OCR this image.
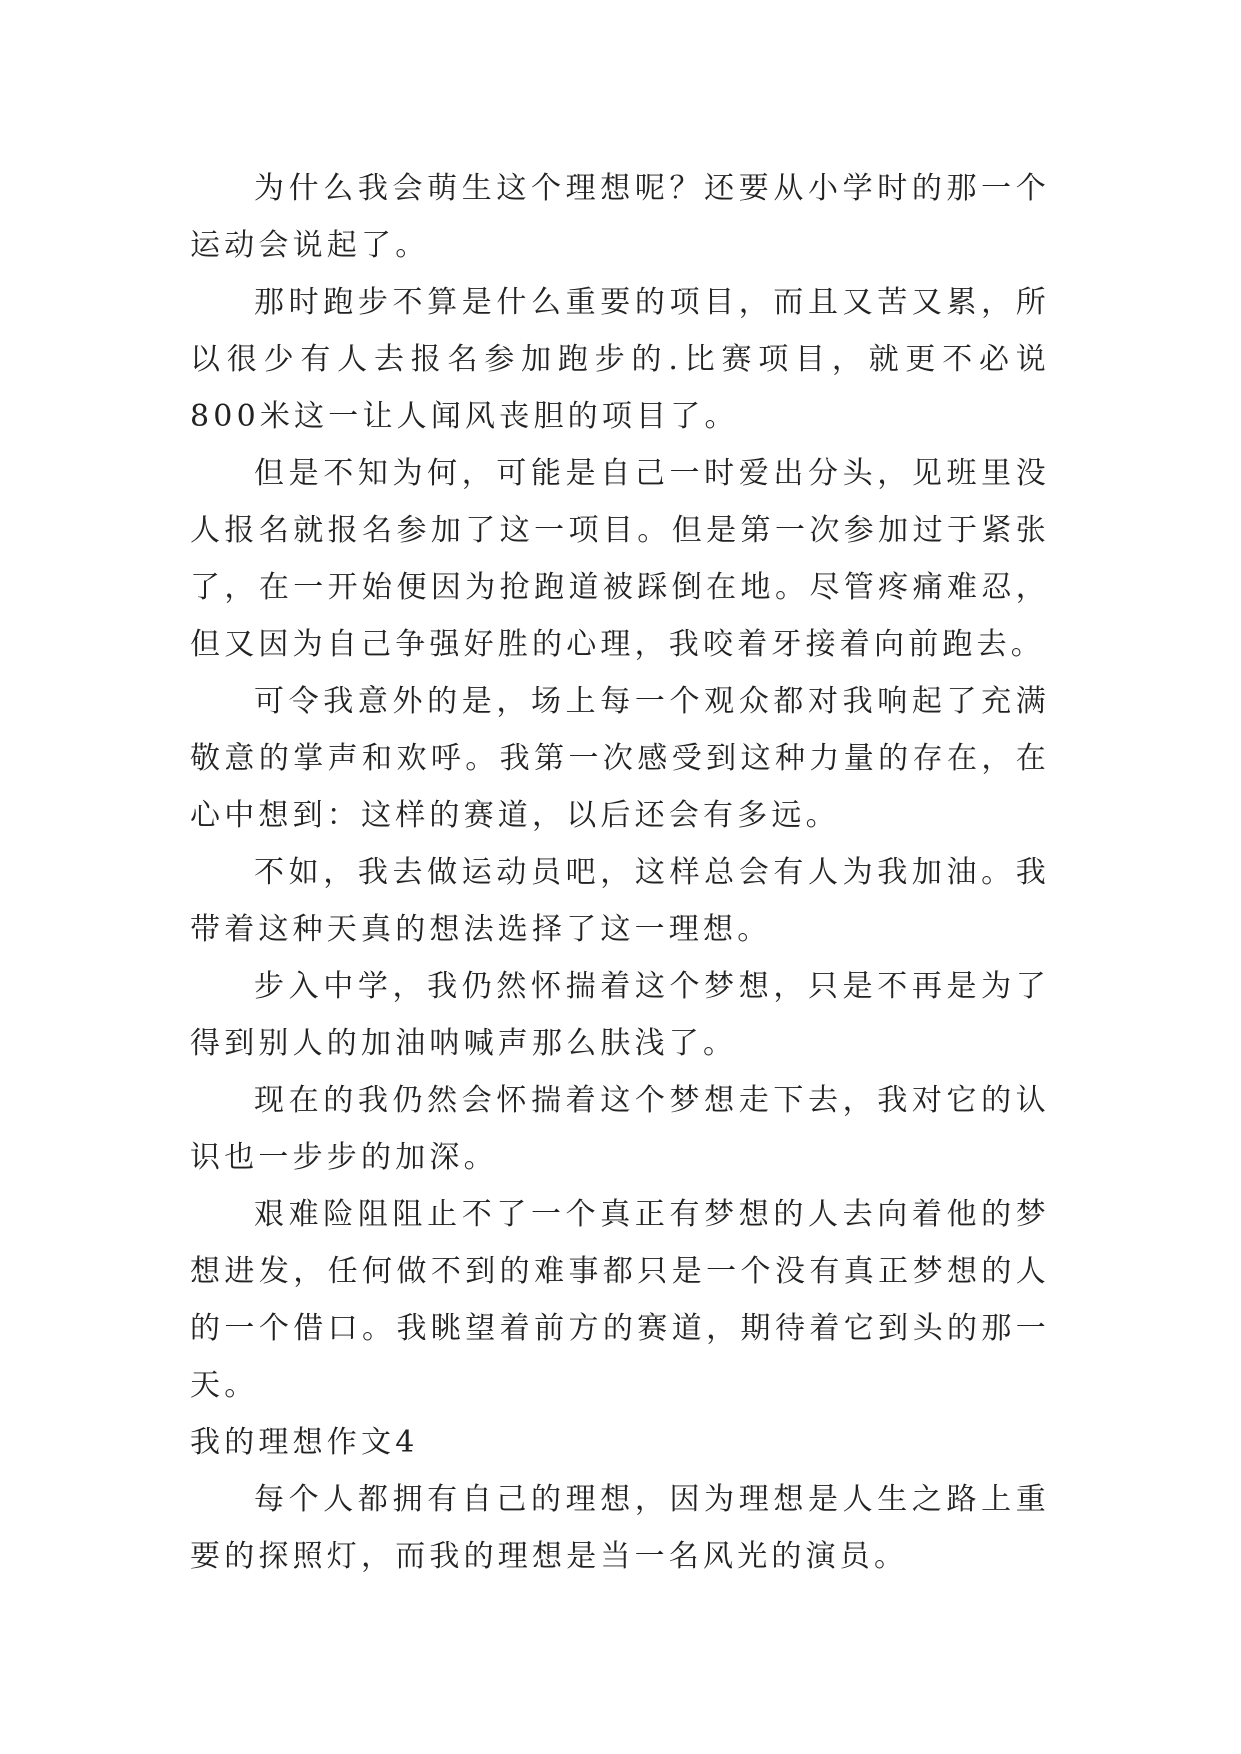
为什么我会萌生这个理想呢？还要从小学时的那一个运动会说起了。

那时跑步不算是什么重要的项目，而且又苦又累，所以很少有人去报名参加跑步的.比赛项目，就更不必说800米这一让人闻风丧胆的项目了。

但是不知为何，可能是自己一时爱出分头，见班里没人报名就报名参加了这一项目。但是第一次参加过于紧张了，在一开始便因为抢跑道被踩倒在地。尽管疼痛难忍，但又因为自己争强好胜的心理，我咬着牙接着向前跑去。

可令我意外的是，场上每一个观众都对我响起了充满敬意的掌声和欢呼。我第一次感受到这种力量的存在，在心中想到：这样的赛道，以后还会有多远。

不如，我去做运动员吧，这样总会有人为我加油。我带着这种天真的想法选择了这一理想。

步入中学，我仍然怀揣着这个梦想，只是不再是为了得到别人的加油呐喊声那么肤浅了。

现在的我仍然会怀揣着这个梦想走下去，我对它的认识也一步步的加深。

艰难险阻阻止不了一个真正有梦想的人去向着他的梦想进发，任何做不到的难事都只是一个没有真正梦想的人的一个借口。我眺望着前方的赛道，期待着它到头的那一天。

我的理想作文4

每个人都拥有自己的理想，因为理想是人生之路上重要的探照灯，而我的理想是当一名风光的演员。
